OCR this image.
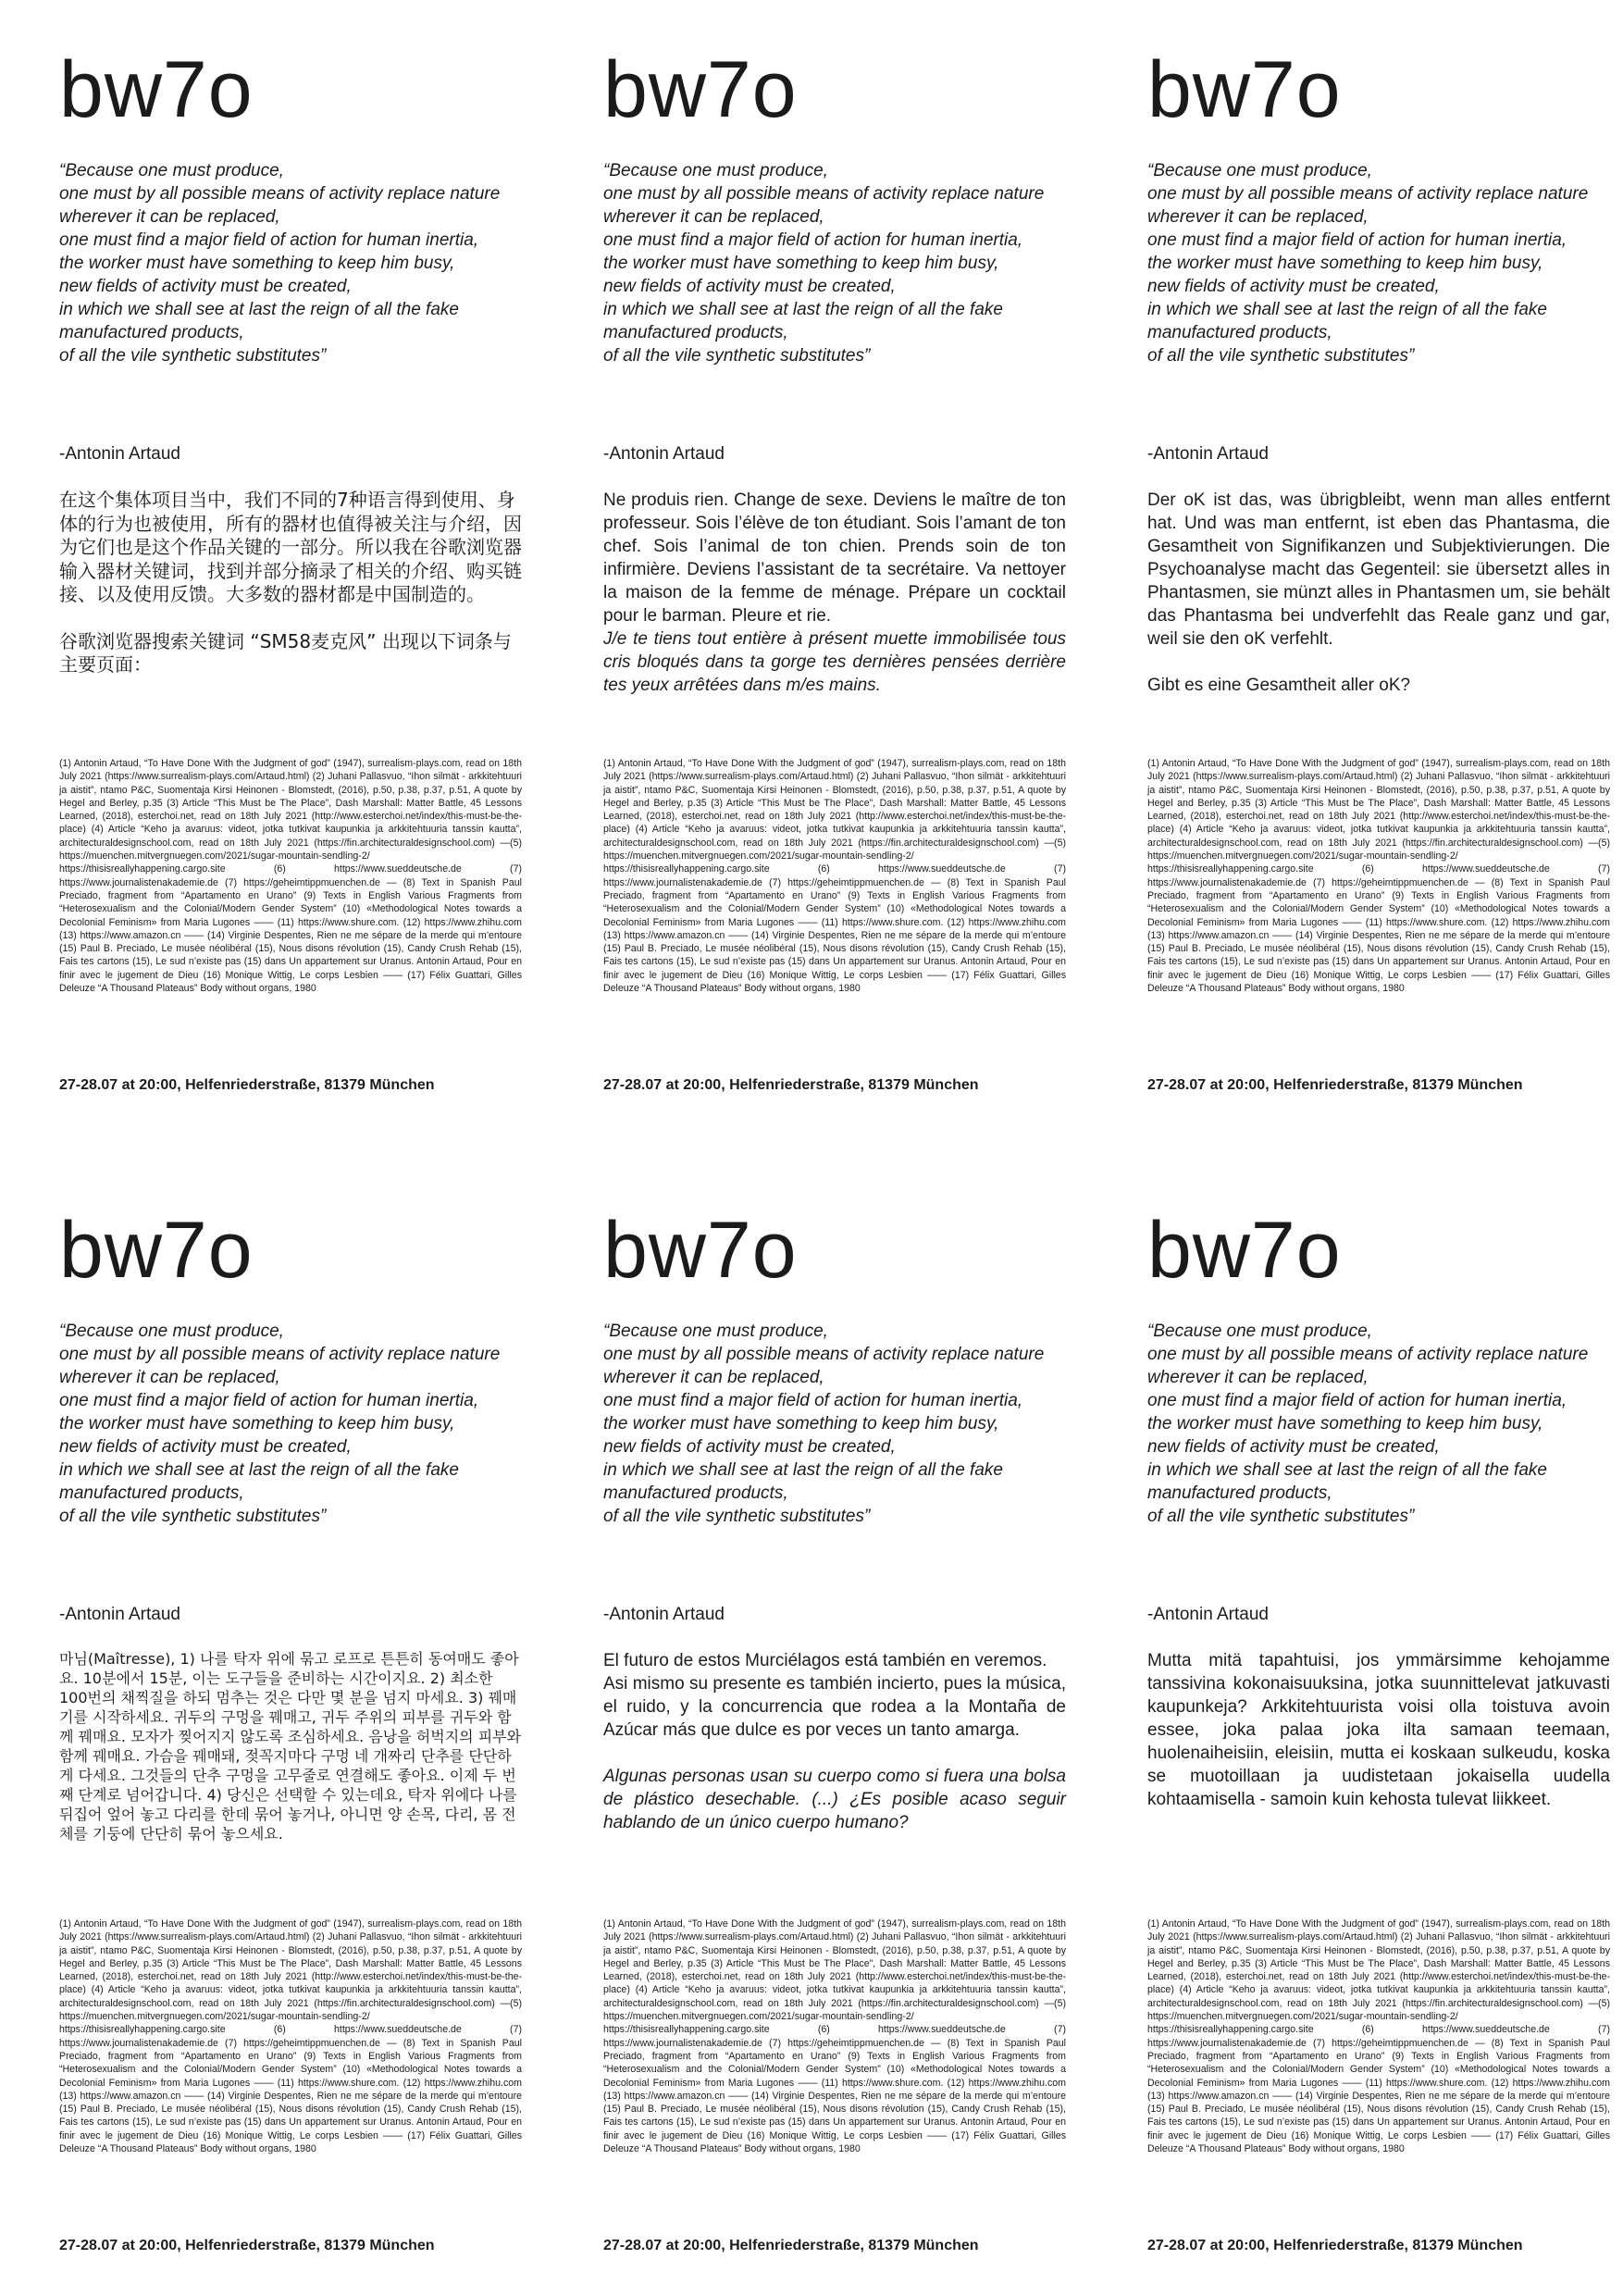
bw7o
“Because one must produce,
one must by all possible means of activity replace nature
wherever it can be replaced,
one must find a major field of action for human inertia,
the worker must have something to keep him busy,
new fields of activity must be created,
in which we shall see at last the reign of all the fake manufactured products,
of all the vile synthetic substitutes”
-Antonin Artaud

在这个集体项目当中，我们不同的7种语言得到使用、身体的行为也被使用，所有的器材也值得被关注与介绍，因为它们也是这个作品关键的一部分。所以我在谷歌浏览器输入器材关键词，找到并部分摘录了相关的介绍、购买链接、以及使用反馈。大多数的器材都是中国制造的。

谷歌浏览器搜索关键词 “SM58麦克风” 出现以下词条与主要页面：

(1) Antonin Artaud, “To Have Done With the Judgment of god” (1947), surrealism-plays.com, read on 18th July 2021 (https://www.surrealism-plays.com/Artaud.html) (2) Juhani Pallasvuo, “Ihon silmät - arkkitehtuuri ja aistit”, ntamo P&C, Suomentaja Kirsi Heinonen - Blomstedt, (2016), p.50, p.38, p.37, p.51, A quote by Hegel and Berley, p.35 (3) Article “This Must be The Place”, Dash Marshall: Matter Battle, 45 Lessons Learned, (2018), esterchoi.net, read on 18th July 2021 (http://www.esterchoi.net/index/this-must-be-the-place) (4) Article “Keho ja avaruus: videot, jotka tutkivat kaupunkia ja arkkitehtuuria tanssin kautta”, architecturaldesignschool.com, read on 18th July 2021 (https://fin.architecturaldesignschool.com) —(5) https://muenchen.mitvergnuegen.com/2021/sugar-mountain-sendling-2/ https://thisisreallyhappening.cargo.site (6) https://www.sueddeutsche.de (7) https://www.journalistenakademie.de (7) https://geheimtippmuenchen.de — (8) Text in Spanish Paul Preciado, fragment from “Apartamento en Urano” (9) Texts in English Various Fragments from “Heterosexualism and the Colonial/Modern Gender System” (10) «Methodological Notes towards a Decolonial Feminism» from Maria Lugones —— (11) https://www.shure.com. (12) https://www.zhihu.com (13) https://www.amazon.cn —— (14) Virginie Despentes, Rien ne me sépare de la merde qui m’entoure (15) Paul B. Preciado, Le musée néolibéral (15), Nous disons révolution (15), Candy Crush Rehab (15), Fais tes cartons (15), Le sud n’existe pas (15) dans Un appartement sur Uranus. Antonin Artaud, Pour en finir avec le jugement de Dieu (16) Monique Wittig, Le corps Lesbien —— (17) Félix Guattari, Gilles Deleuze “A Thousand Plateaus” Body without organs, 1980
27-28.07 at 20:00, Helfenriederstraße, 81379 München
bw7o
“Because one must produce,
one must by all possible means of activity replace nature
wherever it can be replaced,
one must find a major field of action for human inertia,
the worker must have something to keep him busy,
new fields of activity must be created,
in which we shall see at last the reign of all the fake manufactured products,
of all the vile synthetic substitutes”
-Antonin Artaud

Ne produis rien. Change de sexe. Deviens le maître de ton professeur. Sois l’élève de ton étudiant. Sois l’amant de ton chef. Sois l’animal de ton chien. Prends soin de ton infirmière. Deviens l’assistant de ta secrétaire. Va nettoyer la maison de la femme de ménage. Prépare un cocktail pour le barman. Pleure et rie.

J/e te tiens tout entière à présent muette immobilisée tous cris bloqués dans ta gorge tes dernières pensées derrière tes yeux arrêtées dans m/es mains.

(1) Antonin Artaud, “To Have Done With the Judgment of god” (1947), surrealism-plays.com, read on 18th July 2021 (https://www.surrealism-plays.com/Artaud.html) (2) Juhani Pallasvuo, “Ihon silmät - arkkitehtuuri ja aistit”, ntamo P&C, Suomentaja Kirsi Heinonen - Blomstedt, (2016), p.50, p.38, p.37, p.51, A quote by Hegel and Berley, p.35 (3) Article “This Must be The Place”, Dash Marshall: Matter Battle, 45 Lessons Learned, (2018), esterchoi.net, read on 18th July 2021 (http://www.esterchoi.net/index/this-must-be-the-place) (4) Article “Keho ja avaruus: videot, jotka tutkivat kaupunkia ja arkkitehtuuria tanssin kautta”, architecturaldesignschool.com, read on 18th July 2021 (https://fin.architecturaldesignschool.com) —(5) https://muenchen.mitvergnuegen.com/2021/sugar-mountain-sendling-2/ https://thisisreallyhappening.cargo.site (6) https://www.sueddeutsche.de (7) https://www.journalistenakademie.de (7) https://geheimtippmuenchen.de — (8) Text in Spanish Paul Preciado, fragment from “Apartamento en Urano” (9) Texts in English Various Fragments from “Heterosexualism and the Colonial/Modern Gender System” (10) «Methodological Notes towards a Decolonial Feminism» from Maria Lugones —— (11) https://www.shure.com. (12) https://www.zhihu.com (13) https://www.amazon.cn —— (14) Virginie Despentes, Rien ne me sépare de la merde qui m’entoure (15) Paul B. Preciado, Le musée néolibéral (15), Nous disons révolution (15), Candy Crush Rehab (15), Fais tes cartons (15), Le sud n’existe pas (15) dans Un appartement sur Uranus. Antonin Artaud, Pour en finir avec le jugement de Dieu (16) Monique Wittig, Le corps Lesbien —— (17) Félix Guattari, Gilles Deleuze “A Thousand Plateaus” Body without organs, 1980
27-28.07 at 20:00, Helfenriederstraße, 81379 München
bw7o
“Because one must produce,
one must by all possible means of activity replace nature
wherever it can be replaced,
one must find a major field of action for human inertia,
the worker must have something to keep him busy,
new fields of activity must be created,
in which we shall see at last the reign of all the fake manufactured products,
of all the vile synthetic substitutes”
-Antonin Artaud

Der oK ist das, was übrigbleibt, wenn man alles entfernt hat. Und was man entfernt, ist eben das Phantasma, die Gesamtheit von Signifikanzen und Subjektivierungen. Die Psychoanalyse macht das Gegenteil: sie übersetzt alles in Phantasmen, sie münzt alles in Phantasmen um, sie behält das Phantasma bei undverfehlt das Reale ganz und gar, weil sie den oK verfehlt.

Gibt es eine Gesamtheit aller oK?

(1) Antonin Artaud, “To Have Done With the Judgment of god” (1947), surrealism-plays.com, read on 18th July 2021 (https://www.surrealism-plays.com/Artaud.html) (2) Juhani Pallasvuo, “Ihon silmät - arkkitehtuuri ja aistit”, ntamo P&C, Suomentaja Kirsi Heinonen - Blomstedt, (2016), p.50, p.38, p.37, p.51, A quote by Hegel and Berley, p.35 (3) Article “This Must be The Place”, Dash Marshall: Matter Battle, 45 Lessons Learned, (2018), esterchoi.net, read on 18th July 2021 (http://www.esterchoi.net/index/this-must-be-the-place) (4) Article “Keho ja avaruus: videot, jotka tutkivat kaupunkia ja arkkitehtuuria tanssin kautta”, architecturaldesignschool.com, read on 18th July 2021 (https://fin.architecturaldesignschool.com) —(5) https://muenchen.mitvergnuegen.com/2021/sugar-mountain-sendling-2/ https://thisisreallyhappening.cargo.site (6) https://www.sueddeutsche.de (7) https://www.journalistenakademie.de (7) https://geheimtippmuenchen.de — (8) Text in Spanish Paul Preciado, fragment from “Apartamento en Urano” (9) Texts in English Various Fragments from “Heterosexualism and the Colonial/Modern Gender System” (10) «Methodological Notes towards a Decolonial Feminism» from Maria Lugones —— (11) https://www.shure.com. (12) https://www.zhihu.com (13) https://www.amazon.cn —— (14) Virginie Despentes, Rien ne me sépare de la merde qui m’entoure (15) Paul B. Preciado, Le musée néolibéral (15), Nous disons révolution (15), Candy Crush Rehab (15), Fais tes cartons (15), Le sud n’existe pas (15) dans Un appartement sur Uranus. Antonin Artaud, Pour en finir avec le jugement de Dieu (16) Monique Wittig, Le corps Lesbien —— (17) Félix Guattari, Gilles Deleuze “A Thousand Plateaus” Body without organs, 1980
27-28.07 at 20:00, Helfenriederstraße, 81379 München
bw7o
“Because one must produce,
one must by all possible means of activity replace nature
wherever it can be replaced,
one must find a major field of action for human inertia,
the worker must have something to keep him busy,
new fields of activity must be created,
in which we shall see at last the reign of all the fake manufactured products,
of all the vile synthetic substitutes”
-Antonin Artaud

마님(Maîtresse), 1) 나를 탁자 위에 묶고 로프로 튼튼히 동여매도 좋아요. 10분에서 15분, 이는 도구들을 준비하는 시간이지요. 2) 최소한 100번의 채찍질을 하되 멈추는 것은 다만 몇 분을 넘지 마세요. 3) 꿰매기를 시작하세요. 귀두의 구멍을 꿰매고, 귀두 주위의 피부를 귀두와 함께 꿰매요. 모자가 찢어지지 않도록 조심하세요. 음낭을 허벅지의 피부와 함께 꿰매요. 가슴을 꿰매돼, 젖꼭지마다 구멍 네 개짜리 단추를 단단하게 다세요. 그것들의 단추 구멍을 고무줄로 연결해도 좋아요. 이제 두 번째 단계로 넘어갑니다. 4) 당신은 선택할 수 있는데요, 탁자 위에다 나를 뒤집어 엎어 놓고 다리를 한데 묶어 놓거나, 아니면 양 손목, 다리, 몸 전체를 기둥에 단단히 묶어 놓으세요.

(1) Antonin Artaud, “To Have Done With the Judgment of god” (1947), surrealism-plays.com, read on 18th July 2021 (https://www.surrealism-plays.com/Artaud.html) (2) Juhani Pallasvuo, “Ihon silmät - arkkitehtuuri ja aistit”, ntamo P&C, Suomentaja Kirsi Heinonen - Blomstedt, (2016), p.50, p.38, p.37, p.51, A quote by Hegel and Berley, p.35 (3) Article “This Must be The Place”, Dash Marshall: Matter Battle, 45 Lessons Learned, (2018), esterchoi.net, read on 18th July 2021 (http://www.esterchoi.net/index/this-must-be-the-place) (4) Article “Keho ja avaruus: videot, jotka tutkivat kaupunkia ja arkkitehtuuria tanssin kautta”, architecturaldesignschool.com, read on 18th July 2021 (https://fin.architecturaldesignschool.com) —(5) https://muenchen.mitvergnuegen.com/2021/sugar-mountain-sendling-2/ https://thisisreallyhappening.cargo.site (6) https://www.sueddeutsche.de (7) https://www.journalistenakademie.de (7) https://geheimtippmuenchen.de — (8) Text in Spanish Paul Preciado, fragment from “Apartamento en Urano” (9) Texts in English Various Fragments from “Heterosexualism and the Colonial/Modern Gender System” (10) «Methodological Notes towards a Decolonial Feminism» from Maria Lugones —— (11) https://www.shure.com. (12) https://www.zhihu.com (13) https://www.amazon.cn —— (14) Virginie Despentes, Rien ne me sépare de la merde qui m’entoure (15) Paul B. Preciado, Le musée néolibéral (15), Nous disons révolution (15), Candy Crush Rehab (15), Fais tes cartons (15), Le sud n’existe pas (15) dans Un appartement sur Uranus. Antonin Artaud, Pour en finir avec le jugement de Dieu (16) Monique Wittig, Le corps Lesbien —— (17) Félix Guattari, Gilles Deleuze “A Thousand Plateaus” Body without organs, 1980
27-28.07 at 20:00, Helfenriederstraße, 81379 München
bw7o
“Because one must produce,
one must by all possible means of activity replace nature
wherever it can be replaced,
one must find a major field of action for human inertia,
the worker must have something to keep him busy,
new fields of activity must be created,
in which we shall see at last the reign of all the fake manufactured products,
of all the vile synthetic substitutes”
-Antonin Artaud

El futuro de estos Murciélagos está también en veremos.

Asi mismo su presente es también incierto, pues la música, el ruido, y la concurrencia que rodea a la Montaña de Azúcar más que dulce es por veces un tanto amarga.

Algunas personas usan su cuerpo como si fuera una bolsa de plástico desechable. (...) ¿Es posible acaso seguir hablando de un único cuerpo humano?

(1) Antonin Artaud, “To Have Done With the Judgment of god” (1947), surrealism-plays.com, read on 18th July 2021 (https://www.surrealism-plays.com/Artaud.html) (2) Juhani Pallasvuo, “Ihon silmät - arkkitehtuuri ja aistit”, ntamo P&C, Suomentaja Kirsi Heinonen - Blomstedt, (2016), p.50, p.38, p.37, p.51, A quote by Hegel and Berley, p.35 (3) Article “This Must be The Place”, Dash Marshall: Matter Battle, 45 Lessons Learned, (2018), esterchoi.net, read on 18th July 2021 (http://www.esterchoi.net/index/this-must-be-the-place) (4) Article “Keho ja avaruus: videot, jotka tutkivat kaupunkia ja arkkitehtuuria tanssin kautta”, architecturaldesignschool.com, read on 18th July 2021 (https://fin.architecturaldesignschool.com) —(5) https://muenchen.mitvergnuegen.com/2021/sugar-mountain-sendling-2/ https://thisisreallyhappening.cargo.site (6) https://www.sueddeutsche.de (7) https://www.journalistenakademie.de (7) https://geheimtippmuenchen.de — (8) Text in Spanish Paul Preciado, fragment from “Apartamento en Urano” (9) Texts in English Various Fragments from “Heterosexualism and the Colonial/Modern Gender System” (10) «Methodological Notes towards a Decolonial Feminism» from Maria Lugones —— (11) https://www.shure.com. (12) https://www.zhihu.com (13) https://www.amazon.cn —— (14) Virginie Despentes, Rien ne me sépare de la merde qui m’entoure (15) Paul B. Preciado, Le musée néolibéral (15), Nous disons révolution (15), Candy Crush Rehab (15), Fais tes cartons (15), Le sud n’existe pas (15) dans Un appartement sur Uranus. Antonin Artaud, Pour en finir avec le jugement de Dieu (16) Monique Wittig, Le corps Lesbien —— (17) Félix Guattari, Gilles Deleuze “A Thousand Plateaus” Body without organs, 1980
27-28.07 at 20:00, Helfenriederstraße, 81379 München
bw7o
“Because one must produce,
one must by all possible means of activity replace nature
wherever it can be replaced,
one must find a major field of action for human inertia,
the worker must have something to keep him busy,
new fields of activity must be created,
in which we shall see at last the reign of all the fake manufactured products,
of all the vile synthetic substitutes”
-Antonin Artaud

Mutta mitä tapahtuisi, jos ymmärsimme kehojamme tanssivina kokonaisuuksina, jotka suunnittelevat jatkuvasti kaupunkeja? Arkkitehtuurista voisi olla toistuva avoin essee, joka palaa joka ilta samaan teemaan, huolenaiheisiin, eleisiin, mutta ei koskaan sulkeudu, koska se muotoillaan ja uudistetaan jokaisella uudella kohtaamisella - samoin kuin kehosta tulevat liikkeet.

(1) Antonin Artaud, “To Have Done With the Judgment of god” (1947), surrealism-plays.com, read on 18th July 2021 (https://www.surrealism-plays.com/Artaud.html) (2) Juhani Pallasvuo, “Ihon silmät - arkkitehtuuri ja aistit”, ntamo P&C, Suomentaja Kirsi Heinonen - Blomstedt, (2016), p.50, p.38, p.37, p.51, A quote by Hegel and Berley, p.35 (3) Article “This Must be The Place”, Dash Marshall: Matter Battle, 45 Lessons Learned, (2018), esterchoi.net, read on 18th July 2021 (http://www.esterchoi.net/index/this-must-be-the-place) (4) Article “Keho ja avaruus: videot, jotka tutkivat kaupunkia ja arkkitehtuuria tanssin kautta”, architecturaldesignschool.com, read on 18th July 2021 (https://fin.architecturaldesignschool.com) —(5) https://muenchen.mitvergnuegen.com/2021/sugar-mountain-sendling-2/ https://thisisreallyhappening.cargo.site (6) https://www.sueddeutsche.de (7) https://www.journalistenakademie.de (7) https://geheimtippmuenchen.de — (8) Text in Spanish Paul Preciado, fragment from “Apartamento en Urano” (9) Texts in English Various Fragments from “Heterosexualism and the Colonial/Modern Gender System” (10) «Methodological Notes towards a Decolonial Feminism» from Maria Lugones —— (11) https://www.shure.com. (12) https://www.zhihu.com (13) https://www.amazon.cn —— (14) Virginie Despentes, Rien ne me sépare de la merde qui m’entoure (15) Paul B. Preciado, Le musée néolibéral (15), Nous disons révolution (15), Candy Crush Rehab (15), Fais tes cartons (15), Le sud n’existe pas (15) dans Un appartement sur Uranus. Antonin Artaud, Pour en finir avec le jugement de Dieu (16) Monique Wittig, Le corps Lesbien —— (17) Félix Guattari, Gilles Deleuze “A Thousand Plateaus” Body without organs, 1980
27-28.07 at 20:00, Helfenriederstraße, 81379 München
